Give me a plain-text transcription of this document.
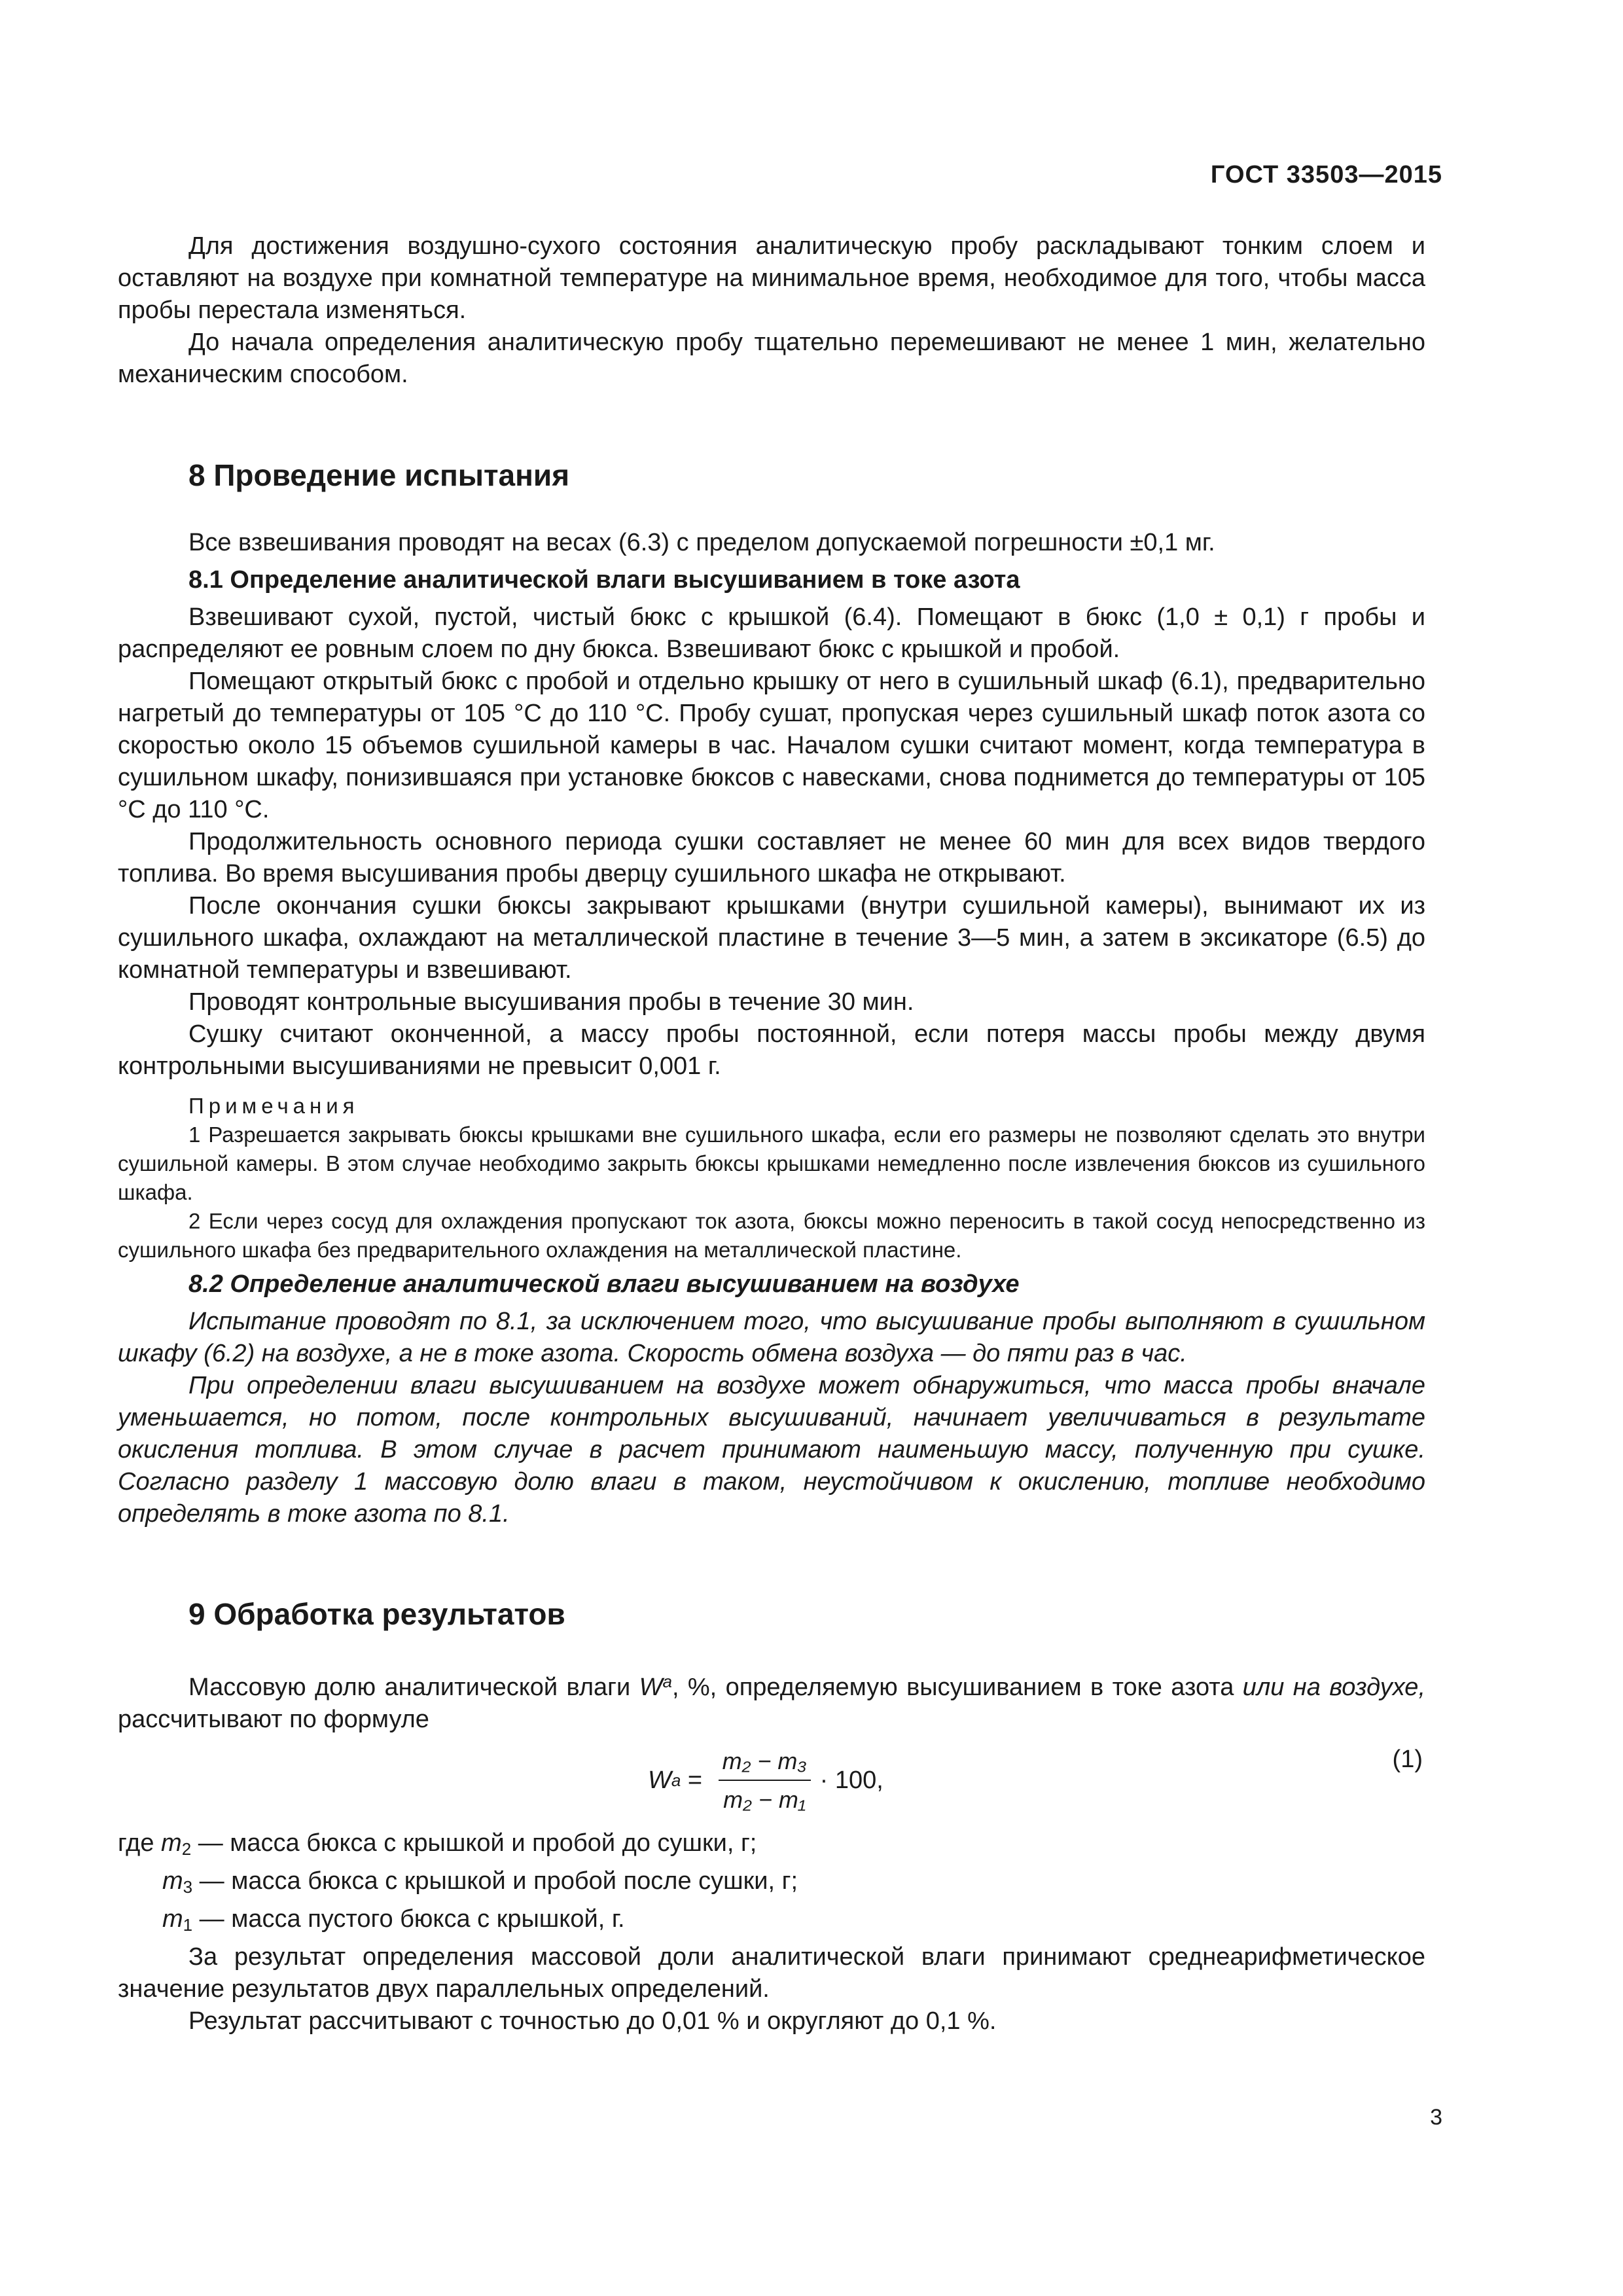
ГОСТ 33503—2015

Для достижения воздушно-сухого состояния аналитическую пробу раскладывают тонким слоем и оставляют на воздухе при комнатной температуре на минимальное время, необходимое для того, чтобы масса пробы перестала изменяться.

До начала определения аналитическую пробу тщательно перемешивают не менее 1 мин, желательно механическим способом.

8 Проведение испытания

Все взвешивания проводят на весах (6.3) с пределом допускаемой погрешности ±0,1 мг.

8.1 Определение аналитической влаги высушиванием в токе азота

Взвешивают сухой, пустой, чистый бюкс с крышкой (6.4). Помещают в бюкс (1,0 ± 0,1) г пробы и распределяют ее ровным слоем по дну бюкса. Взвешивают бюкс с крышкой и пробой.

Помещают открытый бюкс с пробой и отдельно крышку от него в сушильный шкаф (6.1), предварительно нагретый до температуры от 105 °С до 110 °С. Пробу сушат, пропуская через сушильный шкаф поток азота со скоростью около 15 объемов сушильной камеры в час. Началом сушки считают момент, когда температура в сушильном шкафу, понизившаяся при установке бюксов с навесками, снова поднимется до температуры от 105 °С до 110 °С.

Продолжительность основного периода сушки составляет не менее 60 мин для всех видов твердого топлива. Во время высушивания пробы дверцу сушильного шкафа не открывают.

После окончания сушки бюксы закрывают крышками (внутри сушильной камеры), вынимают их из сушильного шкафа, охлаждают на металлической пластине в течение 3—5 мин, а затем в эксикаторе (6.5) до комнатной температуры и взвешивают.

Проводят контрольные высушивания пробы в течение 30 мин.

Сушку считают оконченной, а массу пробы постоянной, если потеря массы пробы между двумя контрольными высушиваниями не превысит 0,001 г.

Примечания

1 Разрешается закрывать бюксы крышками вне сушильного шкафа, если его размеры не позволяют сделать это внутри сушильной камеры. В этом случае необходимо закрыть бюксы крышками немедленно после извлечения бюксов из сушильного шкафа.

2 Если через сосуд для охлаждения пропускают ток азота, бюксы можно переносить в такой сосуд непосредственно из сушильного шкафа без предварительного охлаждения на металлической пластине.

8.2 Определение аналитической влаги высушиванием на воздухе

Испытание проводят по 8.1, за исключением того, что высушивание пробы выполняют в сушильном шкафу (6.2) на воздухе, а не в токе азота. Скорость обмена воздуха — до пяти раз в час.

При определении влаги высушиванием на воздухе может обнаружиться, что масса пробы вначале уменьшается, но потом, после контрольных высушиваний, начинает увеличиваться в результате окисления топлива. В этом случае в расчет принимают наименьшую массу, полученную при сушке. Согласно разделу 1 массовую долю влаги в таком, неустойчивом к окислению, топливе необходимо определять в токе азота по 8.1.

9 Обработка результатов

Массовую долю аналитической влаги $W^a$, %, определяемую высушиванием в токе азота или на воздухе, рассчитывают по формуле

W $a = \frac{\text{m₂ − m₃}}{\text{m₂ − m₁}} \cdot 100$,
(1)

где $m_2$ — масса бюкса с крышкой и пробой до сушки, г;

$m_3$ — масса бюкса с крышкой и пробой после сушки, г;

$m_1$ — масса пустого бюкса с крышкой, г.

За результат определения массовой доли аналитической влаги принимают среднеарифметическое значение результатов двух параллельных определений.

Результат рассчитывают с точностью до 0,01 % и округляют до 0,1 %.

3
